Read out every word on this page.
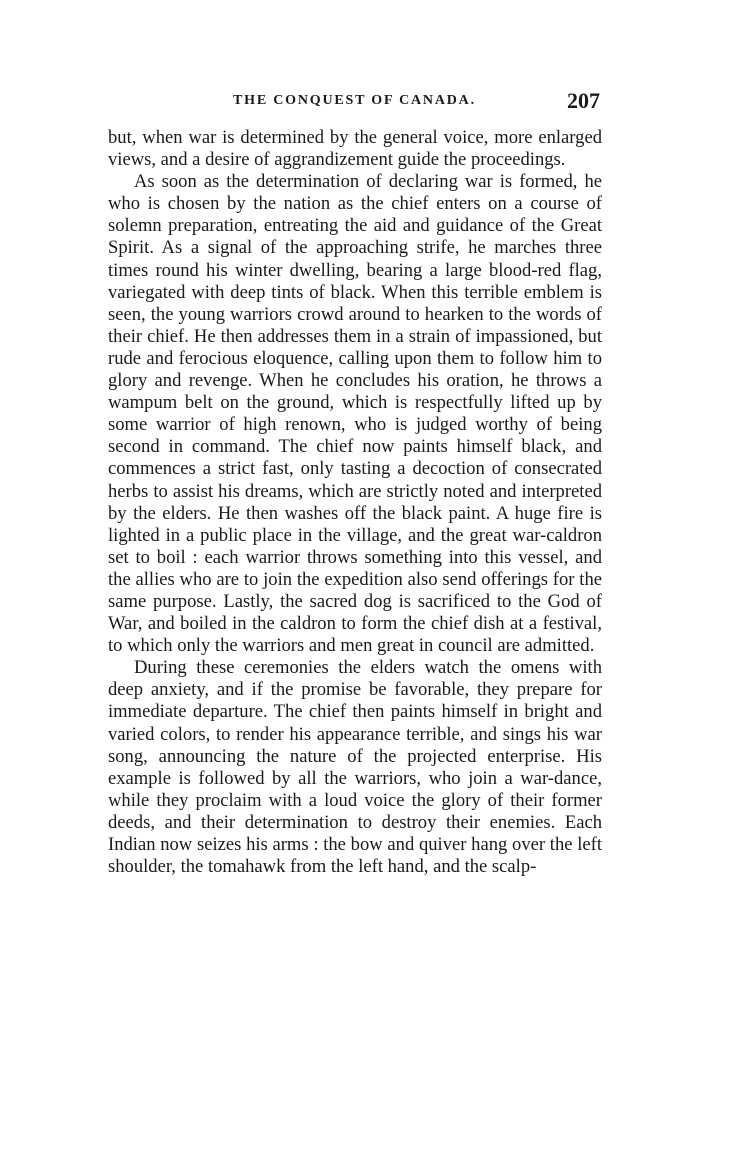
THE CONQUEST OF CANADA.	207

but, when war is determined by the general voice, more enlarged views, and a desire of aggrandizement guide the proceedings.

As soon as the determination of declaring war is formed, he who is chosen by the nation as the chief enters on a course of solemn preparation, entreating the aid and guidance of the Great Spirit. As a signal of the approaching strife, he marches three times round his winter dwelling, bearing a large blood-red flag, variegated with deep tints of black. When this terrible emblem is seen, the young warriors crowd around to hearken to the words of their chief. He then addresses them in a strain of impassioned, but rude and ferocious eloquence, calling upon them to follow him to glory and revenge. When he concludes his oration, he throws a wampum belt on the ground, which is respectfully lifted up by some warrior of high renown, who is judged worthy of being second in command. The chief now paints himself black, and commences a strict fast, only tasting a decoction of consecrated herbs to assist his dreams, which are strictly noted and interpreted by the elders. He then washes off the black paint. A huge fire is lighted in a public place in the village, and the great war-caldron set to boil : each warrior throws something into this vessel, and the allies who are to join the expedition also send offerings for the same purpose. Lastly, the sacred dog is sacrificed to the God of War, and boiled in the caldron to form the chief dish at a festival, to which only the warriors and men great in council are admitted.

During these ceremonies the elders watch the omens with deep anxiety, and if the promise be favorable, they prepare for immediate departure. The chief then paints himself in bright and varied colors, to render his appearance terrible, and sings his war song, announcing the nature of the projected enterprise. His example is followed by all the warriors, who join a war-dance, while they proclaim with a loud voice the glory of their former deeds, and their determination to destroy their enemies. Each Indian now seizes his arms : the bow and quiver hang over the left shoulder, the tomahawk from the left hand, and the scalp-
